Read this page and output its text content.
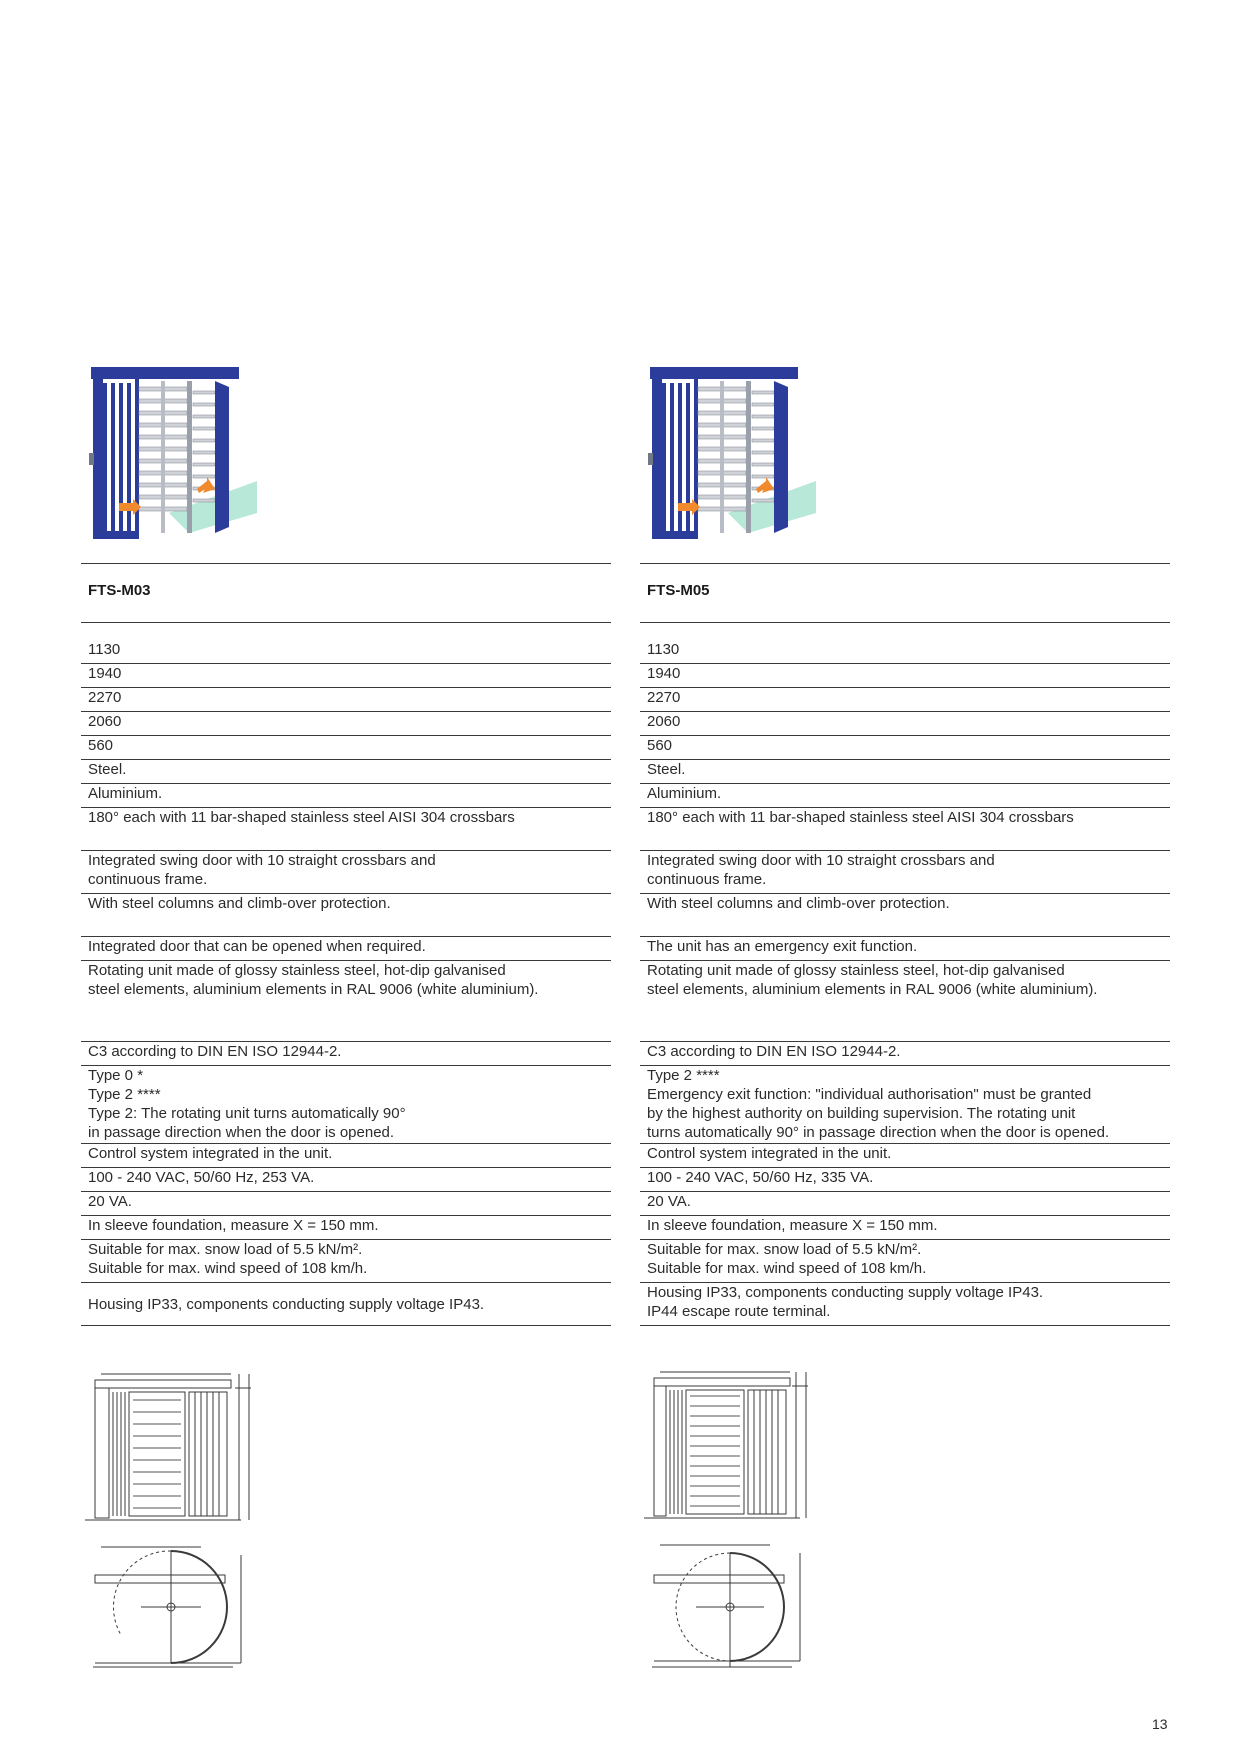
FTS-M03
1130
1940
2270
2060
560
Steel.
Aluminium.
180° each with 11 bar-shaped stainless steel AISI 304 crossbars
Integrated swing door with 10 straight crossbars and
continuous frame.
With steel columns and climb-over protection.
Integrated door that can be opened when required.
Rotating unit made of glossy stainless steel, hot-dip galvanised
steel elements, aluminium elements in RAL 9006 (white aluminium).
C3 according to DIN EN ISO 12944-2.
Type 0 *
Type 2 ****
Type 2: The rotating unit turns automatically 90°
in passage direction when the door is opened.
Control system integrated in the unit.
100 - 240 VAC, 50/60 Hz, 253 VA.
20 VA.
In sleeve foundation, measure X = 150 mm.
Suitable for max. snow load of 5.5 kN/m².
Suitable for max. wind speed of 108 km/h.
Housing IP33, components conducting supply voltage IP43.
FTS-M05
1130
1940
2270
2060
560
Steel.
Aluminium.
180° each with 11 bar-shaped stainless steel AISI 304 crossbars
Integrated swing door with 10 straight crossbars and
continuous frame.
With steel columns and climb-over protection.
The unit has an emergency exit function.
Rotating unit made of glossy stainless steel, hot-dip galvanised
steel elements, aluminium elements in RAL 9006 (white aluminium).
C3 according to DIN EN ISO 12944-2.
Type 2 ****
Emergency exit function: "individual authorisation" must be granted
by the highest authority on building supervision. The rotating unit
turns automatically 90° in passage direction when the door is opened.
Control system integrated in the unit.
100 - 240 VAC, 50/60 Hz, 335 VA.
20 VA.
In sleeve foundation, measure X = 150 mm.
Suitable for max. snow load of 5.5 kN/m².
Suitable for max. wind speed of 108 km/h.
Housing IP33, components conducting supply voltage IP43.
IP44 escape route terminal.
13
